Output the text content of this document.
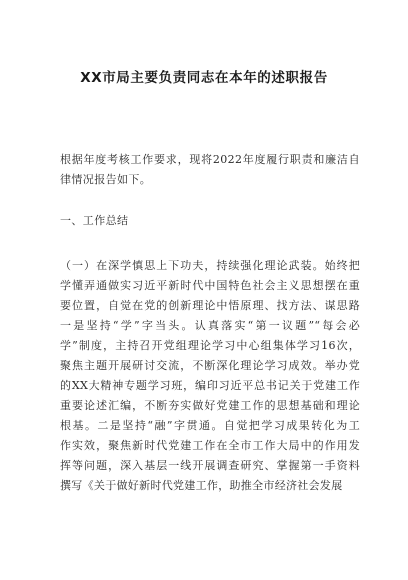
XX市局主要负责同志在本年的述职报告
根据年度考核工作要求，现将2022年度履行职责和廉洁自
律情况报告如下。
一、工作总结
（一）在深学慎思上下功夫，持续强化理论武装。始终把
学懂弄通做实习近平新时代中国特色社会主义思想摆在重
要位置，自觉在党的创新理论中悟原理、找方法、谋思路
一是坚持“学”字当头。认真落实“第一议题”“每会必
学”制度，主持召开党组理论学习中心组集体学习16次，
聚焦主题开展研讨交流，不断深化理论学习成效。举办党
的XX大精神专题学习班，编印习近平总书记关于党建工作
重要论述汇编，不断夯实做好党建工作的思想基础和理论
根基。二是坚持“融”字贯通。自觉把学习成果转化为工
作实效，聚焦新时代党建工作在全市工作大局中的作用发
挥等问题，深入基层一线开展调查研究、掌握第一手资料
撰写《关于做好新时代党建工作，助推全市经济社会发展
